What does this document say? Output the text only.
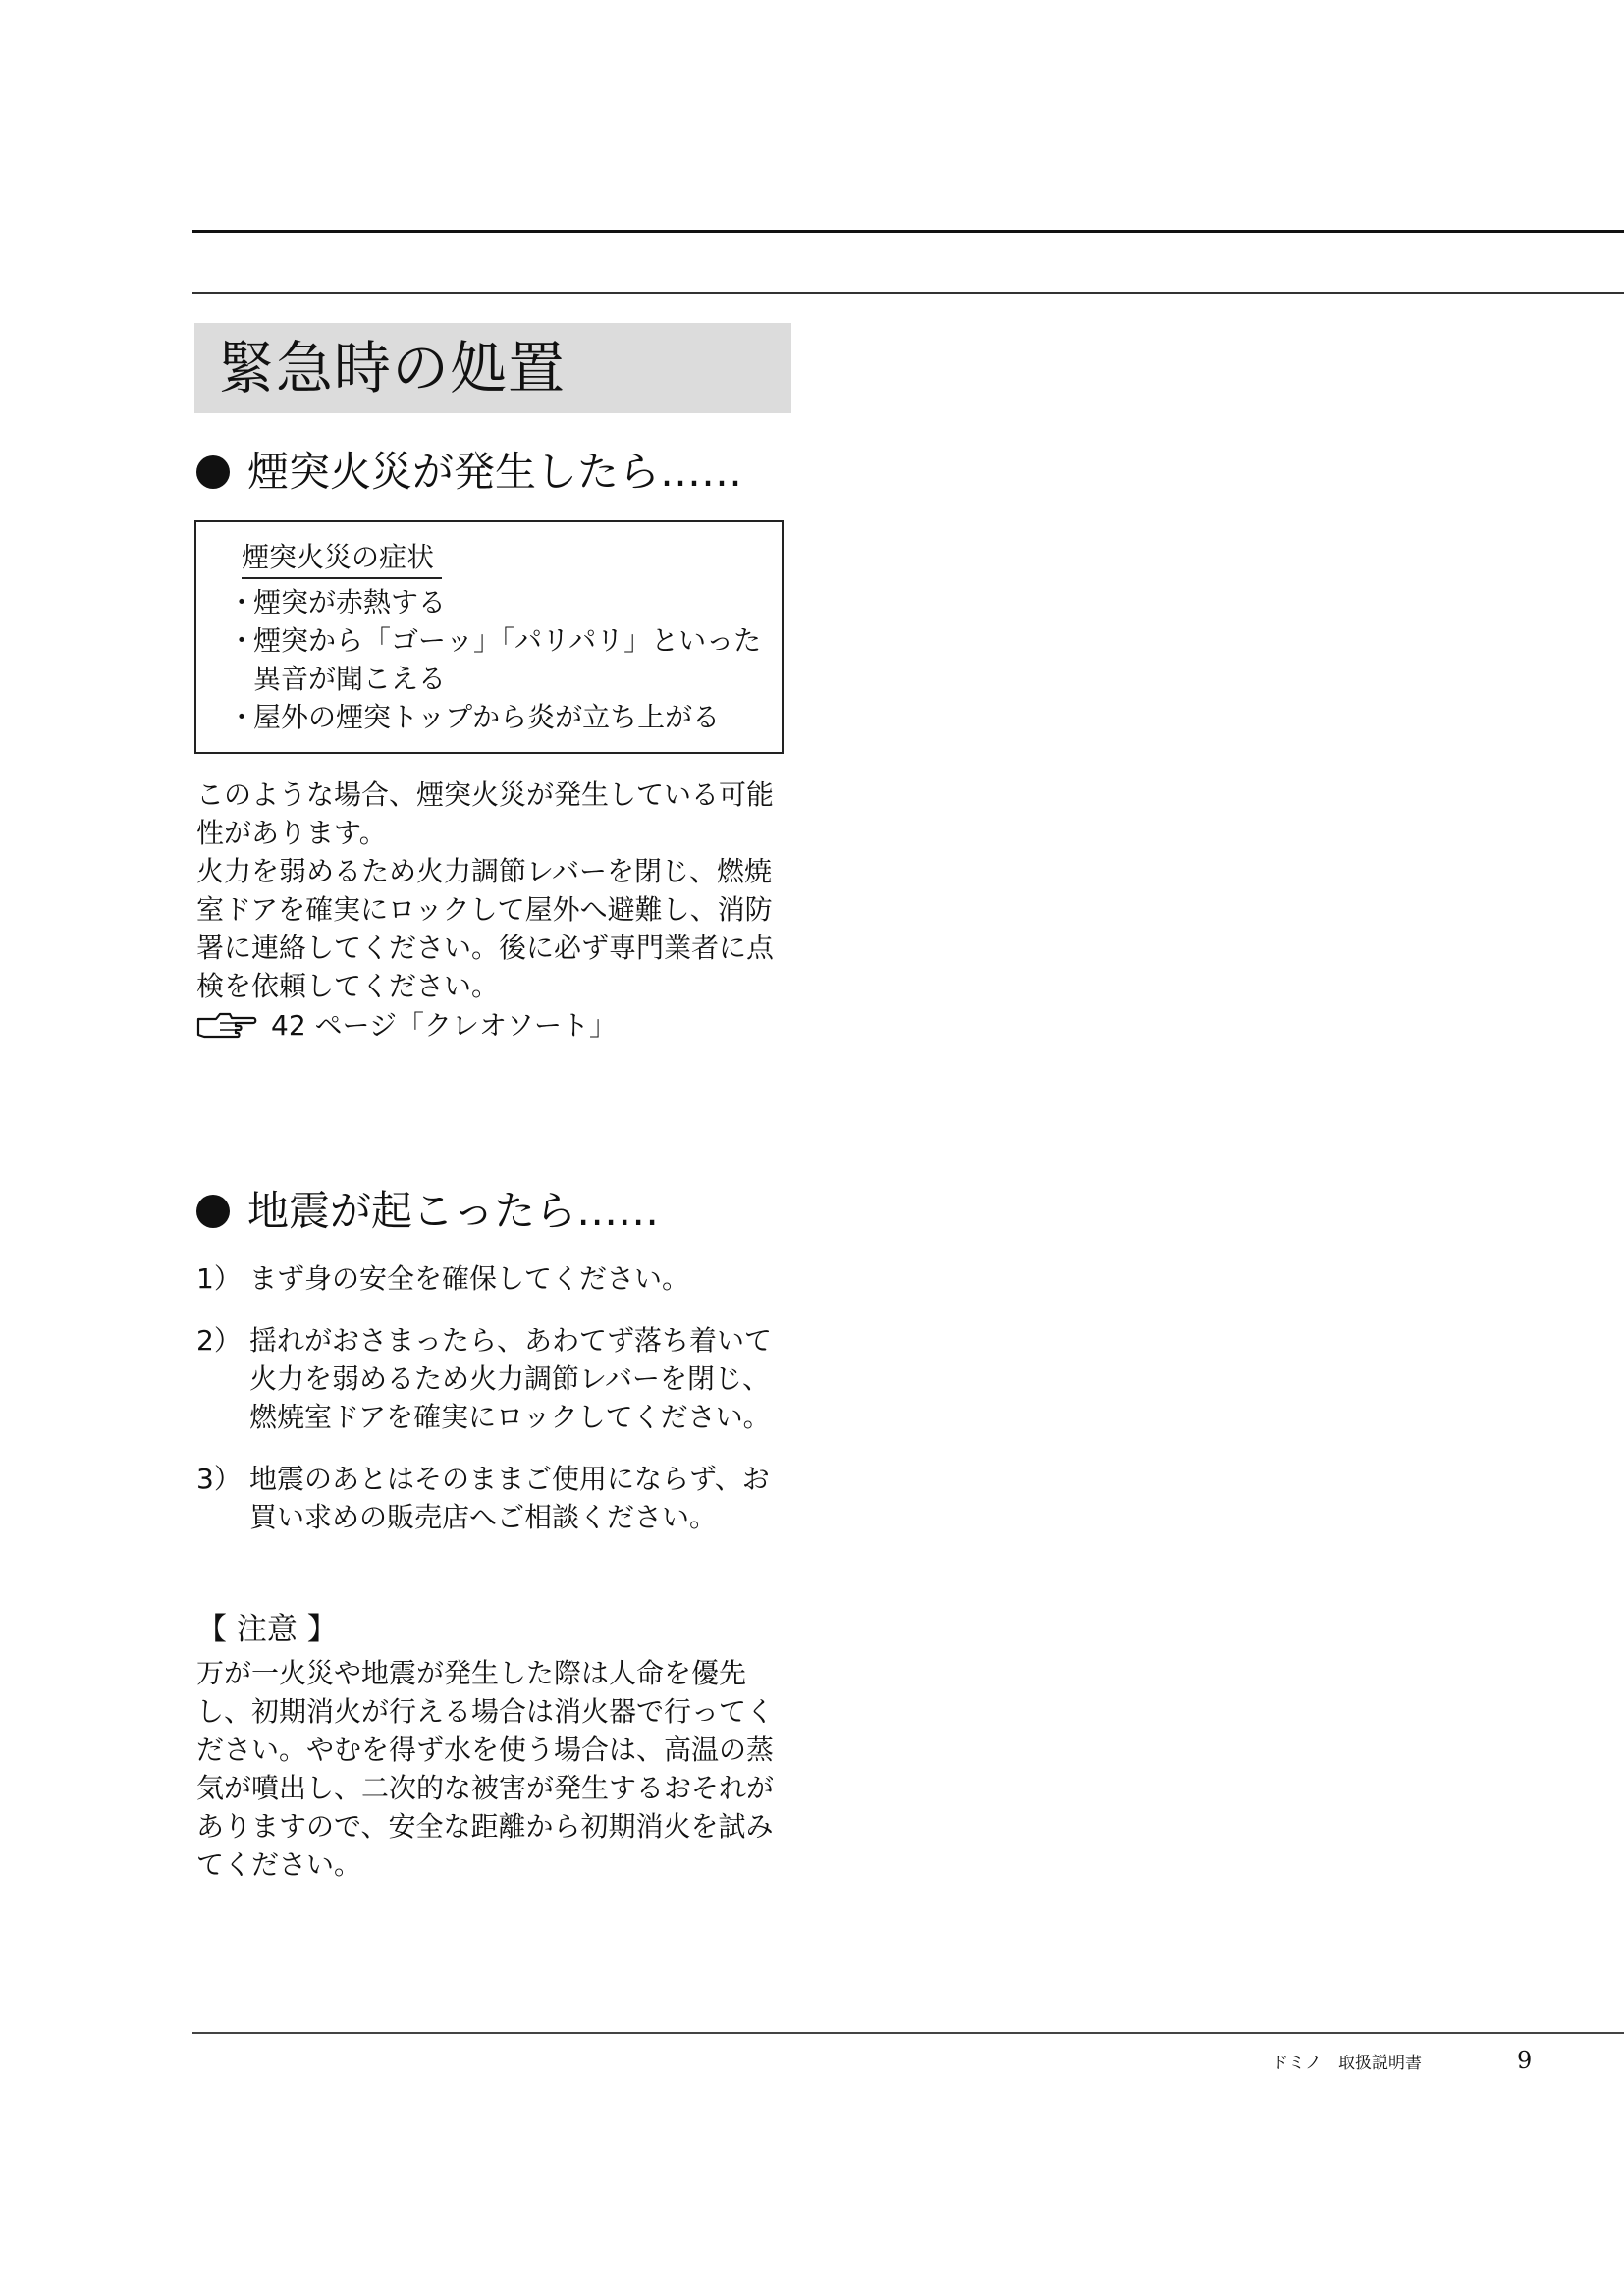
緊急時の処置
煙突火災が発生したら……
煙突火災の症状
・ 煙突が赤熱する
・ 煙突から「ゴーッ」「パリパリ」といった
異音が聞こえる
・ 屋外の煙突トップから炎が立ち上がる
このような場合、煙突火災が発生している可能性があります。
火力を弱めるため火力調節レバーを閉じ、燃焼室ドアを確実にロックして屋外へ避難し、消防署に連絡してください。後に必ず専門業者に点検を依頼してください。
42 ページ「クレオソート」
地震が起こったら……
1） まず身の安全を確保してください。
2） 揺れがおさまったら、あわてず落ち着いて火力を弱めるため火力調節レバーを閉じ、燃焼室ドアを確実にロックしてください。
3） 地震のあとはそのままご使用にならず、お買い求めの販売店へご相談ください。
【 注意 】
万が一火災や地震が発生した際は人命を優先し、初期消火が行える場合は消火器で行ってください。やむを得ず水を使う場合は、高温の蒸気が噴出し、二次的な被害が発生するおそれがありますので、安全な距離から初期消火を試みてください。
ドミノ　取扱説明書	9
